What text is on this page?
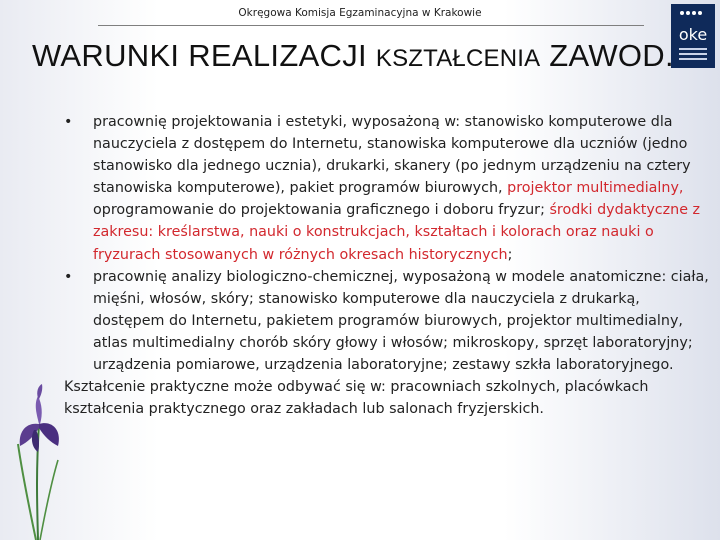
Okręgowa Komisja Egzaminacyjna w Krakowie
oke
WARUNKI REALIZACJI KSZTAŁCENIA ZAWOD.
• pracownię projektowania i estetyki, wyposażoną w: stanowisko komputerowe dla nauczyciela z dostępem do Internetu, stanowiska komputerowe dla uczniów (jedno stanowisko dla jednego ucznia), drukarki, skanery (po jednym urządzeniu na cztery stanowiska komputerowe), pakiet programów biurowych, projektor multimedialny, oprogramowanie do projektowania graficznego i doboru fryzur; środki dydaktyczne z zakresu: kreślarstwa, nauki o konstrukcjach, kształtach i kolorach oraz nauki o fryzurach stosowanych w różnych okresach historycznych;
• pracownię analizy biologiczno-chemicznej, wyposażoną w modele anatomiczne: ciała, mięśni, włosów, skóry; stanowisko komputerowe dla nauczyciela z drukarką, dostępem do Internetu, pakietem programów biurowych, projektor multimedialny, atlas multimedialny chorób skóry głowy i włosów; mikroskopy, sprzęt laboratoryjny; urządzenia pomiarowe, urządzenia laboratoryjne; zestawy szkła laboratoryjnego.
Kształcenie praktyczne może odbywać się w: pracowniach szkolnych, placówkach kształcenia praktycznego oraz zakładach lub salonach fryzjerskich.
